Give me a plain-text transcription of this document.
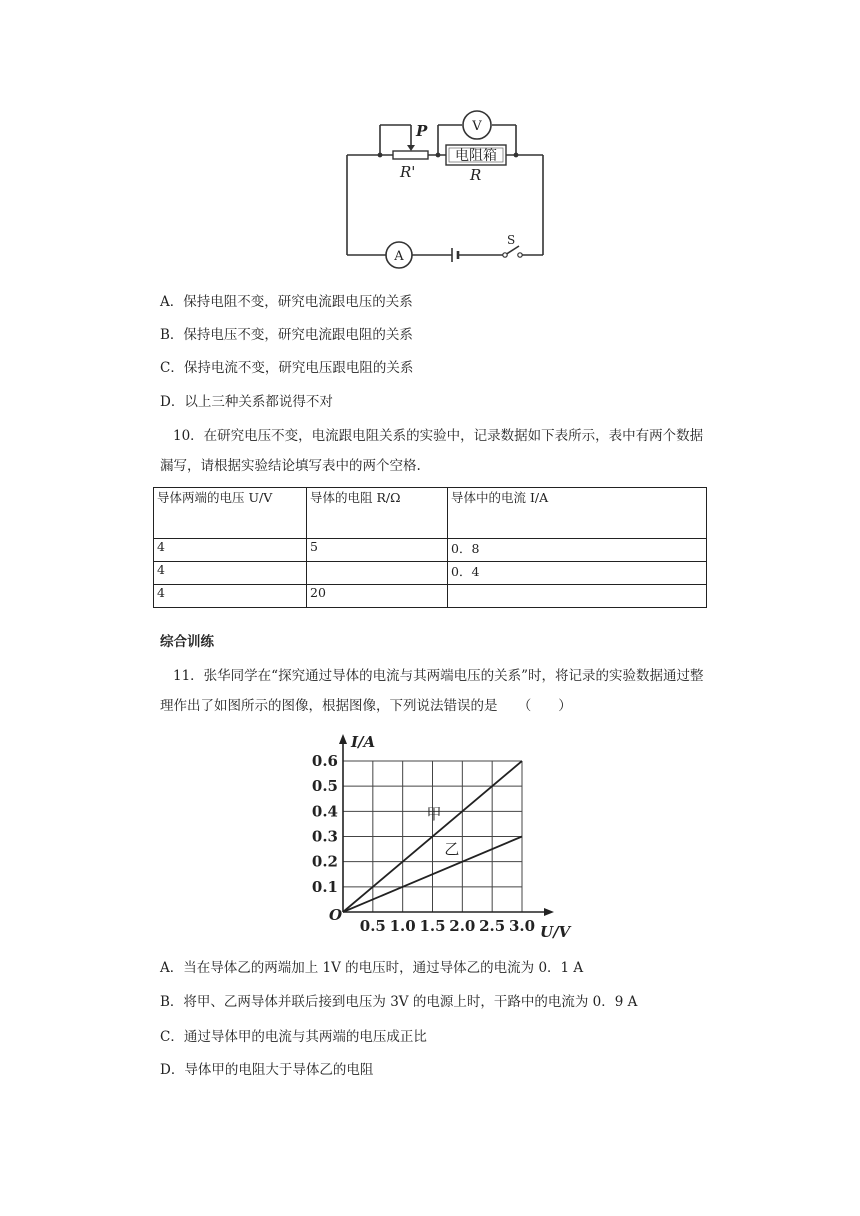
P
R'
V
电阻箱
R
A
S
A．保持电阻不变，研究电流跟电压的关系
B．保持电压不变，研究电流跟电阻的关系
C．保持电流不变，研究电压跟电阻的关系
D．以上三种关系都说得不对
10．在研究电压不变，电流跟电阻关系的实验中，记录数据如下表所示，表中有两个数据漏写，请根据实验结论填写表中的两个空格.
导体两端的电压 U/V	导体的电阻 R/Ω	导体中的电流 I/A
4	5	0．8
4		0．4
4	20	
综合训练
11．张华同学在“探究通过导体的电流与其两端电压的关系”时，将记录的实验数据通过整理作出了如图所示的图像，根据图像，下列说法错误的是　　（　　）
0.5 1.0 1.5 2.0 2.5 3.0
0.1
0.2
0.3
0.4
0.5
0.6
O
U/V
I/A
甲
乙
A．当在导体乙的两端加上 1V 的电压时，通过导体乙的电流为 0．1 A
B．将甲、乙两导体并联后接到电压为 3V 的电源上时，干路中的电流为 0．9 A
C．通过导体甲的电流与其两端的电压成正比
D．导体甲的电阻大于导体乙的电阻
